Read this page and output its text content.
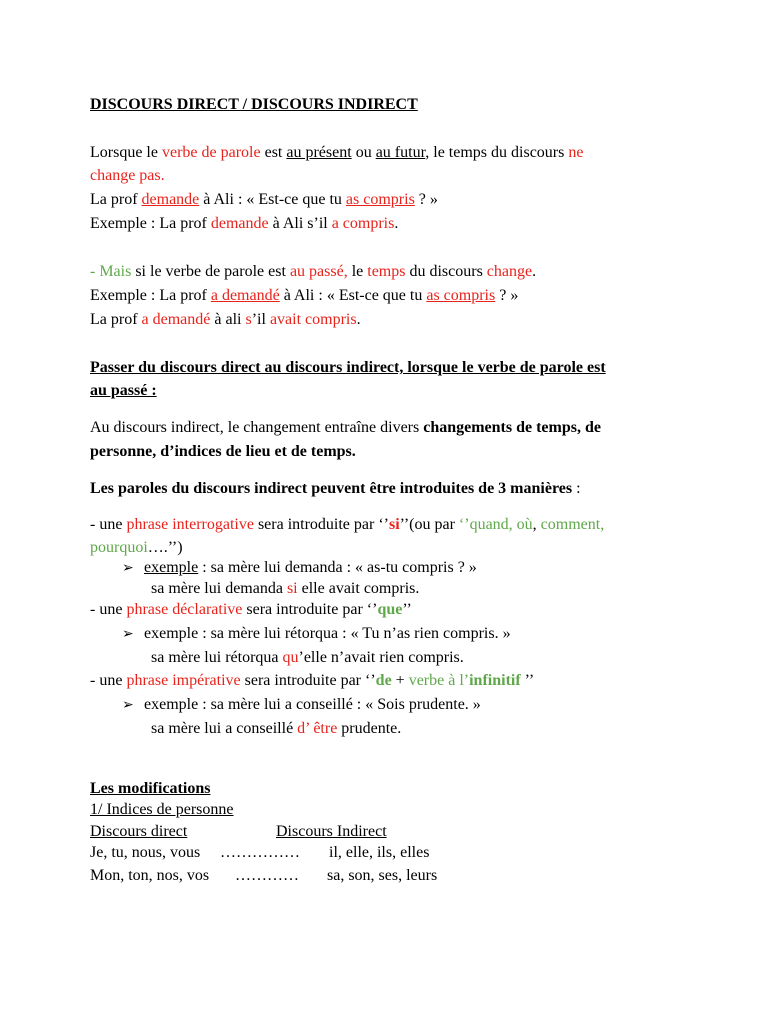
DISCOURS DIRECT / DISCOURS INDIRECT
Lorsque le verbe de parole est au présent ou au futur, le temps du discours ne
change pas.
La prof demande à Ali : « Est-ce que tu as compris ? »
Exemple : La prof demande à Ali s’il a compris.
- Mais si le verbe de parole est au passé, le temps du discours change.
Exemple : La prof a demandé à Ali : « Est-ce que tu as compris ? »
La prof a demandé à ali s’il avait compris.
Passer du discours direct au discours indirect, lorsque le verbe de parole est
au passé :
Au discours indirect, le changement entraîne divers changements de temps, de
personne, d’indices de lieu et de temps.
Les paroles du discours indirect peuvent être introduites de 3 manières :
- une phrase interrogative sera introduite par ‘’si’’(ou par ‘’quand, où, comment,
pourquoi….’’)
➢ exemple : sa mère lui demanda : « as-tu compris ? »
sa mère lui demanda si elle avait compris.
- une phrase déclarative sera introduite par ‘’que’’
➢ exemple : sa mère lui rétorqua : « Tu n’as rien compris. »
sa mère lui rétorqua qu’elle n’avait rien compris.
- une phrase impérative sera introduite par ‘’de + verbe à l’infinitif ’’
➢ exemple : sa mère lui a conseillé : « Sois prudente. »
sa mère lui a conseillé d’ être prudente.
Les modifications
1/ Indices de personne
Discours direct	Discours Indirect
Je, tu, nous, vous …………… il, elle, ils, elles
Mon, ton, nos, vos ………… sa, son, ses, leurs
